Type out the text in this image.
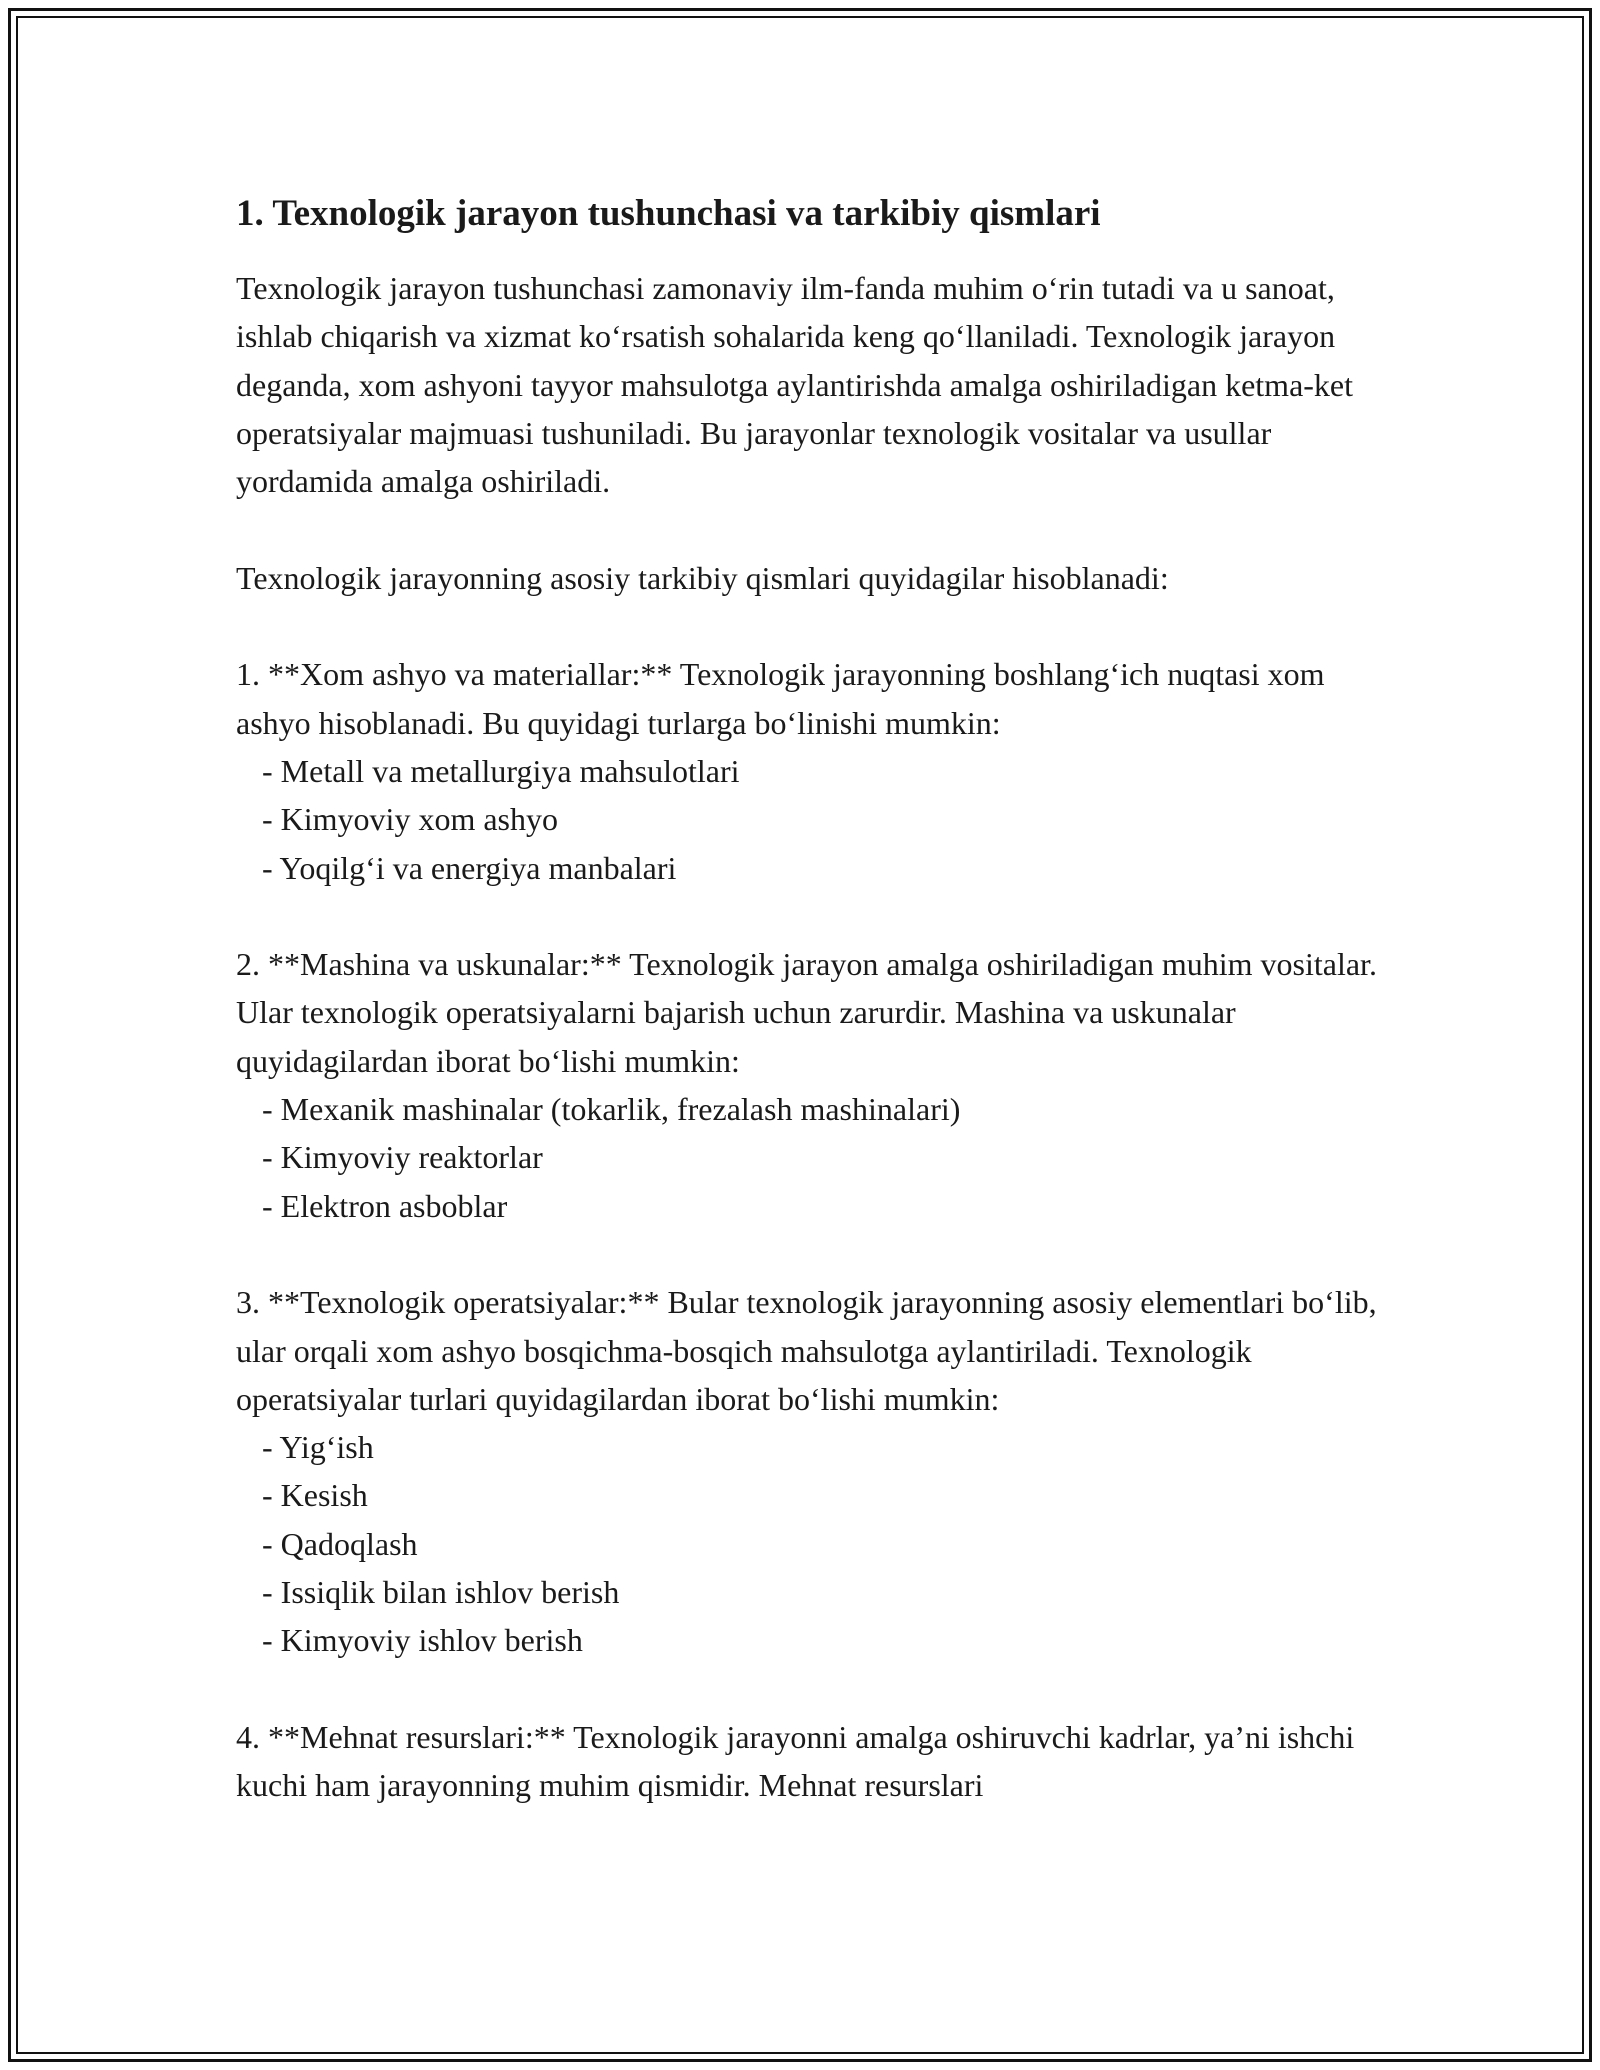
1. Texnologik jarayon tushunchasi va tarkibiy qismlari

Texnologik jarayon tushunchasi zamonaviy ilm-fanda muhim o‘rin tutadi va u sanoat, ishlab chiqarish va xizmat ko‘rsatish sohalarida keng qo‘llaniladi. Texnologik jarayon deganda, xom ashyoni tayyor mahsulotga aylantirishda amalga oshiriladigan ketma-ket operatsiyalar majmuasi tushuniladi. Bu jarayonlar texnologik vositalar va usullar yordamida amalga oshiriladi.

Texnologik jarayonning asosiy tarkibiy qismlari quyidagilar hisoblanadi:

1. **Xom ashyo va materiallar:** Texnologik jarayonning boshlang‘ich nuqtasi xom ashyo hisoblanadi. Bu quyidagi turlarga bo‘linishi mumkin:

- Metall va metallurgiya mahsulotlari
- Kimyoviy xom ashyo
- Yoqilg‘i va energiya manbalari

2. **Mashina va uskunalar:** Texnologik jarayon amalga oshiriladigan muhim vositalar. Ular texnologik operatsiyalarni bajarish uchun zarurdir. Mashina va uskunalar quyidagilardan iborat bo‘lishi mumkin:

- Mexanik mashinalar (tokarlik, frezalash mashinalari)
- Kimyoviy reaktorlar
- Elektron asboblar

3. **Texnologik operatsiyalar:** Bular texnologik jarayonning asosiy elementlari bo‘lib, ular orqali xom ashyo bosqichma-bosqich mahsulotga aylantiriladi. Texnologik operatsiyalar turlari quyidagilardan iborat bo‘lishi mumkin:

- Yig‘ish
- Kesish
- Qadoqlash
- Issiqlik bilan ishlov berish
- Kimyoviy ishlov berish

4. **Mehnat resurslari:** Texnologik jarayonni amalga oshiruvchi kadrlar, ya’ni ishchi kuchi ham jarayonning muhim qismidir. Mehnat resurslari
